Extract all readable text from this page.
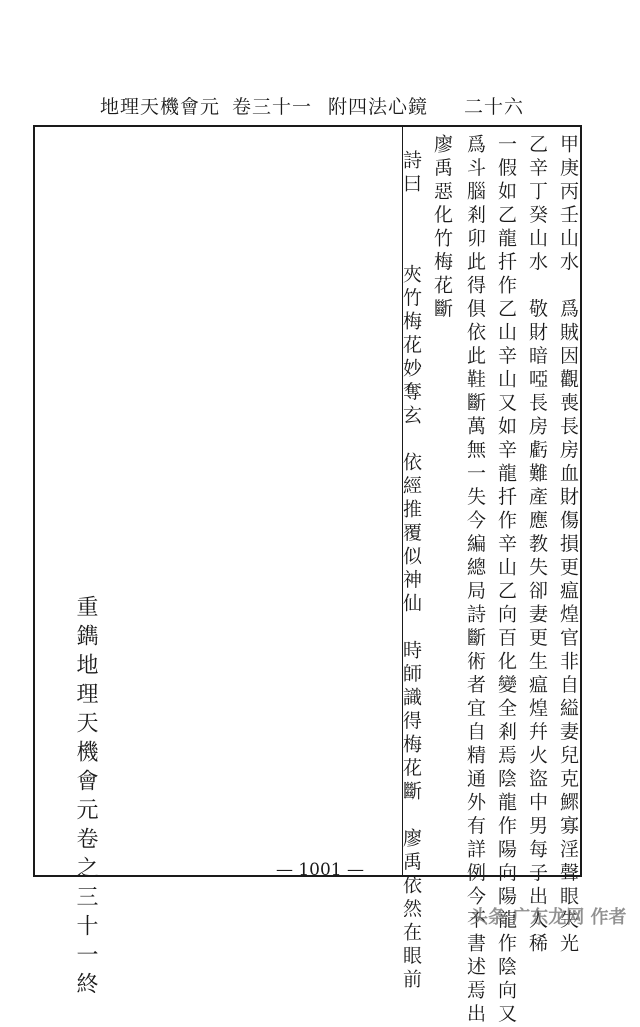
地理天機會元 卷三十一 附四法心鏡 二十六
甲庚丙壬山水　爲賊因觀喪長房血財傷損更瘟煌官非自縊妻兒克鰥寡淫聲眼失光
乙辛丁癸山水　敬財暗啞長房虧難產應教失卻妻更生瘟煌幷火盜中男每子出人稀
一假如乙龍扦作乙山辛山又如辛龍扦作辛山乙向百化變全剎焉陰龍作陽向陽龍作陰向又
爲斗腦剎卯此得俱依此鞋斷萬無一失今編總局詩斷術者宜自精通外有詳例今不書述焉出
廖禹惡化竹梅花斷
詩曰
夾竹梅花妙奪玄　依經推覆似神仙　時師識得梅花斷　廖禹依然在眼前
重鐫地理天機會元卷之三十一終	— 1001 —
头条 广东龙网 作者
